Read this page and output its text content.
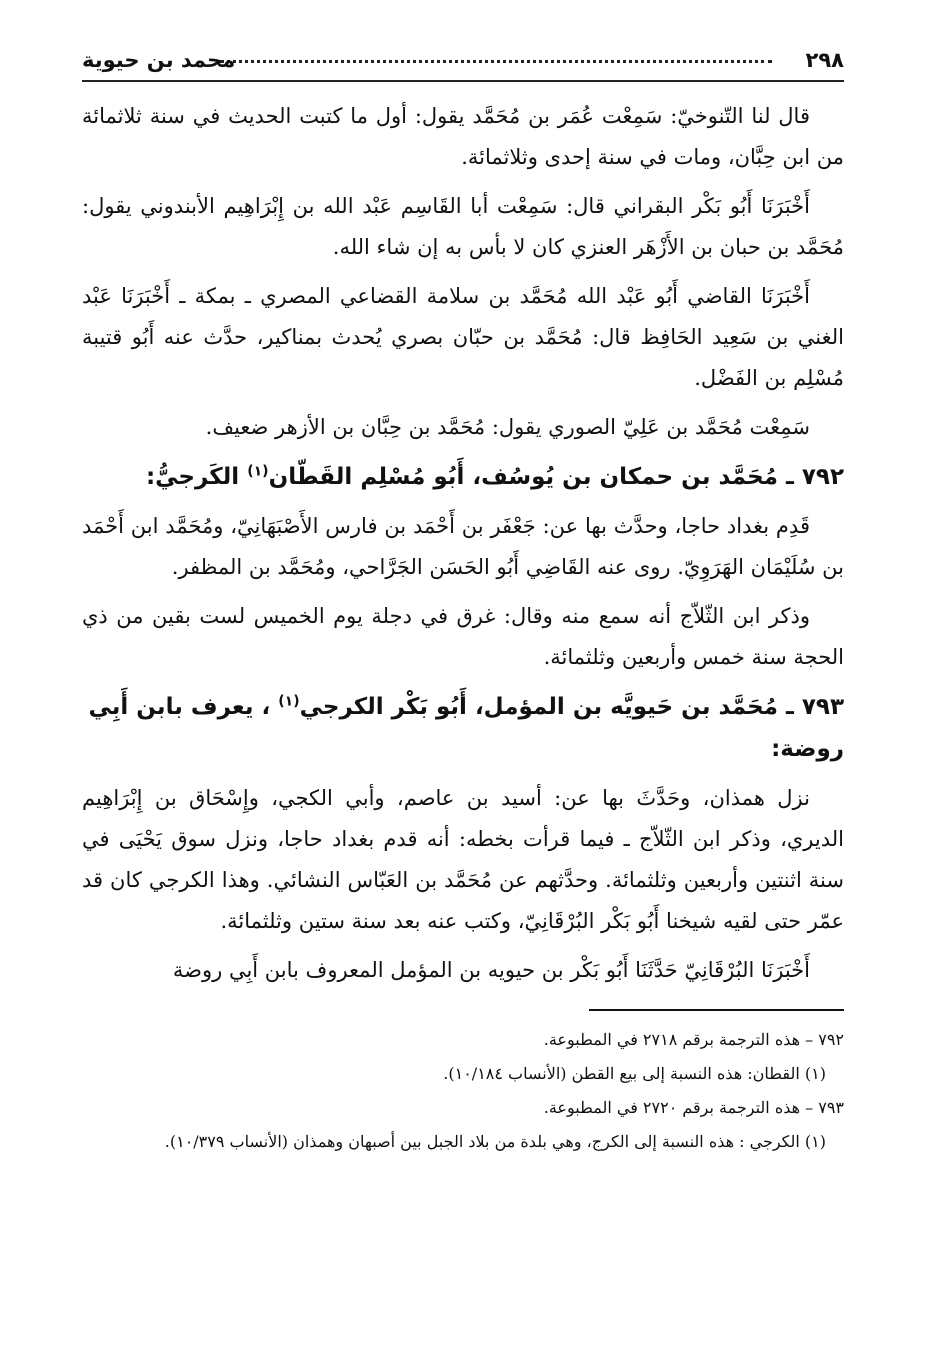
٢٩٨
محمد بن حيوية

قال لنا التّنوخيّ: سَمِعْت عُمَر بن مُحَمَّد يقول: أول ما كتبت الحديث في سنة ثلاثمائة من ابن حِبَّان، ومات في سنة إحدى وثلاثمائة.

أَخْبَرَنَا أَبُو بَكْر البقراني قال: سَمِعْت أبا القَاسِم عَبْد الله بن إِبْرَاهِيم الأبندوني يقول: مُحَمَّد بن حبان بن الأَزْهَر العنزي كان لا بأس به إن شاء الله.

أَخْبَرَنَا القاضي أَبُو عَبْد الله مُحَمَّد بن سلامة القضاعي المصري ـ بمكة ـ أَخْبَرَنَا عَبْد الغني بن سَعِيد الحَافِظ قال: مُحَمَّد بن حبّان بصري يُحدث بمناكير، حدَّث عنه أَبُو قتيبة مُسْلِم بن الفَضْل.

سَمِعْت مُحَمَّد بن عَلِيّ الصوري يقول: مُحَمَّد بن حِبَّان بن الأزهر ضعيف.

٧٩٢ ـ مُحَمَّد بن حمكان بن يُوسُف، أَبُو مُسْلِم القَطّان$^{(١)}$ الكَرجيُّ:

قَدِم بغداد حاجا، وحدَّث بها عن: جَعْفَر بن أَحْمَد بن فارس الأَصْبَهَانِيّ، ومُحَمَّد ابن أَحْمَد بن سُلَيْمَان الهَرَوِيّ. روى عنه القَاضِي أَبُو الحَسَن الجَرَّاحي، ومُحَمَّد بن المظفر.

وذكر ابن الثّلاّج أنه سمع منه وقال: غرق في دجلة يوم الخميس لست بقين من ذي الحجة سنة خمس وأربعين وثلثمائة.

٧٩٣ ـ مُحَمَّد بن حَيويَّه بن المؤمل، أَبُو بَكْر الكرجي$^{(١)}$ ، يعرف بابن أَبِي روضة:

نزل همذان، وحَدَّثَ بها عن: أسيد بن عاصم، وأبي الكجي، وإِسْحَاق بن إِبْرَاهِيم الديري، وذكر ابن الثّلاّج ـ فيما قرأت بخطه: أنه قدم بغداد حاجا، ونزل سوق يَحْيَى في سنة اثنتين وأربعين وثلثمائة. وحدَّثهم عن مُحَمَّد بن العَبّاس النشائي. وهذا الكرجي كان قد عمّر حتى لقيه شيخنا أَبُو بَكْر البُرْقَانِيّ، وكتب عنه بعد سنة ستين وثلثمائة.

أَخْبَرَنَا البُرْقَانِيّ حَدَّثَنَا أَبُو بَكْر بن حيويه بن المؤمل المعروف بابن أَبِي روضة

٧٩٢ – هذه الترجمة برقم ٢٧١٨ في المطبوعة.

(١) القطان: هذه النسبة إلى بيع القطن (الأنساب ١٠/١٨٤).

٧٩٣ – هذه الترجمة برقم ٢٧٢٠ في المطبوعة.

(١) الكرجي : هذه النسبة إلى الكرج، وهي بلدة من بلاد الجبل بين أصبهان وهمذان (الأنساب ١٠/٣٧٩).
